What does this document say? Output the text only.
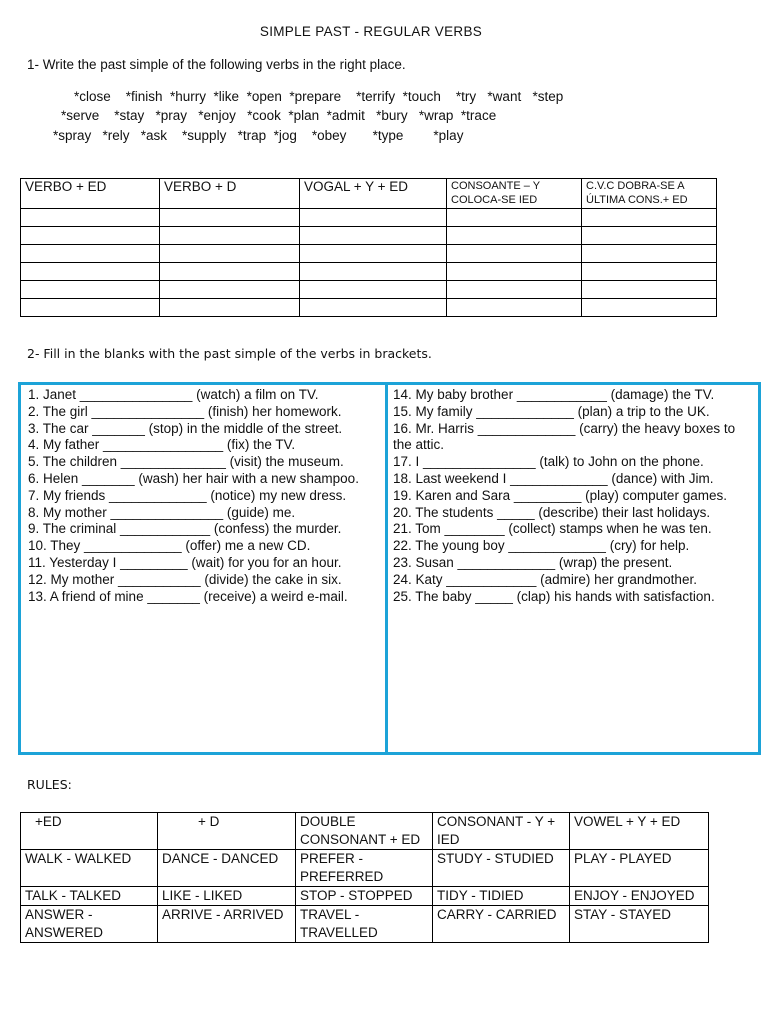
SIMPLE PAST - REGULAR VERBS
1- Write the past simple of the following verbs in the right place.
*close    *finish  *hurry  *like  *open  *prepare    *terrify  *touch    *try   *want   *step
*serve    *stay   *pray   *enjoy   *cook  *plan  *admit   *bury   *wrap  *trace
*spray   *rely   *ask    *supply   *trap  *jog    *obey       *type        *play
VERBO + ED	VERBO + D	VOGAL + Y + ED	CONSOANTE – Y COLOCA-SE IED	C.V.C DOBRA-SE A ÚLTIMA CONS.+ ED

2- Fill in the blanks with the past simple of the verbs in brackets.

1. Janet _______________ (watch) a film on TV.

2. The girl _______________ (finish) her homework.

3. The car _______ (stop) in the middle of the street.

4. My father ________________ (fix) the TV.

5. The children ______________ (visit) the museum.

6. Helen _______ (wash) her hair with a new shampoo.

7. My friends _____________ (notice) my new dress.

8. My mother _______________ (guide) me.

9. The criminal ____________ (confess) the murder.

10. They _____________ (offer) me a new CD.

11. Yesterday I _________ (wait) for you for an hour.

12. My mother ___________ (divide) the cake in six.

13. A friend of mine _______ (receive) a weird e-mail.

14. My baby brother ____________ (damage) the TV.

15. My family _____________ (plan) a trip to the UK.

16. Mr. Harris _____________ (carry) the heavy boxes to the attic.

17. I _______________ (talk) to John on the phone.

18. Last weekend I _____________ (dance) with Jim.

19. Karen and Sara _________ (play) computer games.

20. The students _____ (describe) their last holidays.

21. Tom ________ (collect) stamps when he was ten.

22. The young boy _____________ (cry) for help.

23. Susan _____________ (wrap) the present.

24. Katy ____________ (admire) her grandmother.

25. The baby _____ (clap) his hands with satisfaction.

RULES:
+ED	+ D	DOUBLE CONSONANT + ED	CONSONANT - Y + IED	VOWEL + Y + ED
WALK - WALKED	DANCE - DANCED	PREFER - PREFERRED	STUDY - STUDIED	PLAY - PLAYED
TALK - TALKED	LIKE - LIKED	STOP - STOPPED	TIDY - TIDIED	ENJOY - ENJOYED
ANSWER - ANSWERED	ARRIVE - ARRIVED	TRAVEL - TRAVELLED	CARRY - CARRIED	STAY - STAYED
